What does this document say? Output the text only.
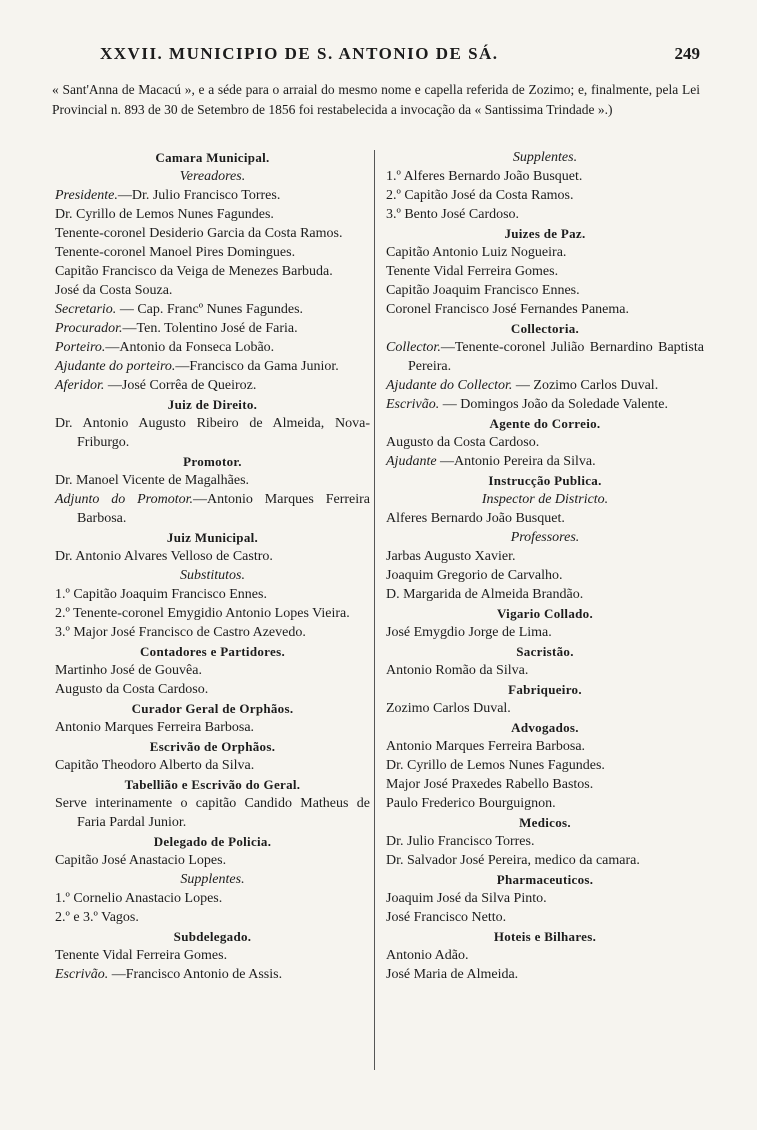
XXVII. MUNICIPIO DE S. ANTONIO DE SÁ.	249

« Sant'Anna de Macacú », e a séde para o arraial do mesmo nome e capella referida de Zozimo; e, finalmente, pela Lei Provincial n. 893 de 30 de Setembro de 1856 foi restabelecida a invocação da « Santissima Trindade ».)

Camara Municipal.
Vereadores.
Presidente.—Dr. Julio Francisco Torres.
Dr. Cyrillo de Lemos Nunes Fagundes.
Tenente-coronel Desiderio Garcia da Costa Ramos.
Tenente-coronel Manoel Pires Domingues.
Capitão Francisco da Veiga de Menezes Barbuda.
José da Costa Souza.
Secretario. — Cap. Francº Nunes Fagundes.
Procurador.—Ten. Tolentino José de Faria.
Porteiro.—Antonio da Fonseca Lobão.
Ajudante do porteiro.—Francisco da Gama Junior.
Aferidor. —José Corrêa de Queiroz.
Juiz de Direito.
Dr. Antonio Augusto Ribeiro de Almeida, Nova-Friburgo.
Promotor.
Dr. Manoel Vicente de Magalhães.
Adjunto do Promotor.—Antonio Marques Ferreira Barbosa.
Juiz Municipal.
Dr. Antonio Alvares Velloso de Castro.
Substitutos.
1.º Capitão Joaquim Francisco Ennes.
2.º Tenente-coronel Emygidio Antonio Lopes Vieira.
3.º Major José Francisco de Castro Azevedo.
Contadores e Partidores.
Martinho José de Gouvêa.
Augusto da Costa Cardoso.
Curador Geral de Orphãos.
Antonio Marques Ferreira Barbosa.
Escrivão de Orphãos.
Capitão Theodoro Alberto da Silva.
Tabellião e Escrivão do Geral.
Serve interinamente o capitão Candido Matheus de Faria Pardal Junior.
Delegado de Policia.
Capitão José Anastacio Lopes.
Supplentes.
1.º Cornelio Anastacio Lopes.
2.º e 3.º Vagos.
Subdelegado.
Tenente Vidal Ferreira Gomes.
Escrivão. —Francisco Antonio de Assis.
Supplentes.
1.º Alferes Bernardo João Busquet.
2.º Capitão José da Costa Ramos.
3.º Bento José Cardoso.
Juizes de Paz.
Capitão Antonio Luiz Nogueira.
Tenente Vidal Ferreira Gomes.
Capitão Joaquim Francisco Ennes.
Coronel Francisco José Fernandes Panema.
Collectoria.
Collector.—Tenente-coronel Julião Bernardino Baptista Pereira.
Ajudante do Collector. — Zozimo Carlos Duval.
Escrivão. — Domingos João da Soledade Valente.
Agente do Correio.
Augusto da Costa Cardoso.
Ajudante —Antonio Pereira da Silva.
Instrucção Publica.
Inspector de Districto.
Alferes Bernardo João Busquet.
Professores.
Jarbas Augusto Xavier.
Joaquim Gregorio de Carvalho.
D. Margarida de Almeida Brandão.
Vigario Collado.
José Emygdio Jorge de Lima.
Sacristão.
Antonio Romão da Silva.
Fabriqueiro.
Zozimo Carlos Duval.
Advogados.
Antonio Marques Ferreira Barbosa.
Dr. Cyrillo de Lemos Nunes Fagundes.
Major José Praxedes Rabello Bastos.
Paulo Frederico Bourguignon.
Medicos.
Dr. Julio Francisco Torres.
Dr. Salvador José Pereira, medico da camara.
Pharmaceuticos.
Joaquim José da Silva Pinto.
José Francisco Netto.
Hoteis e Bilhares.
Antonio Adão.
José Maria de Almeida.
